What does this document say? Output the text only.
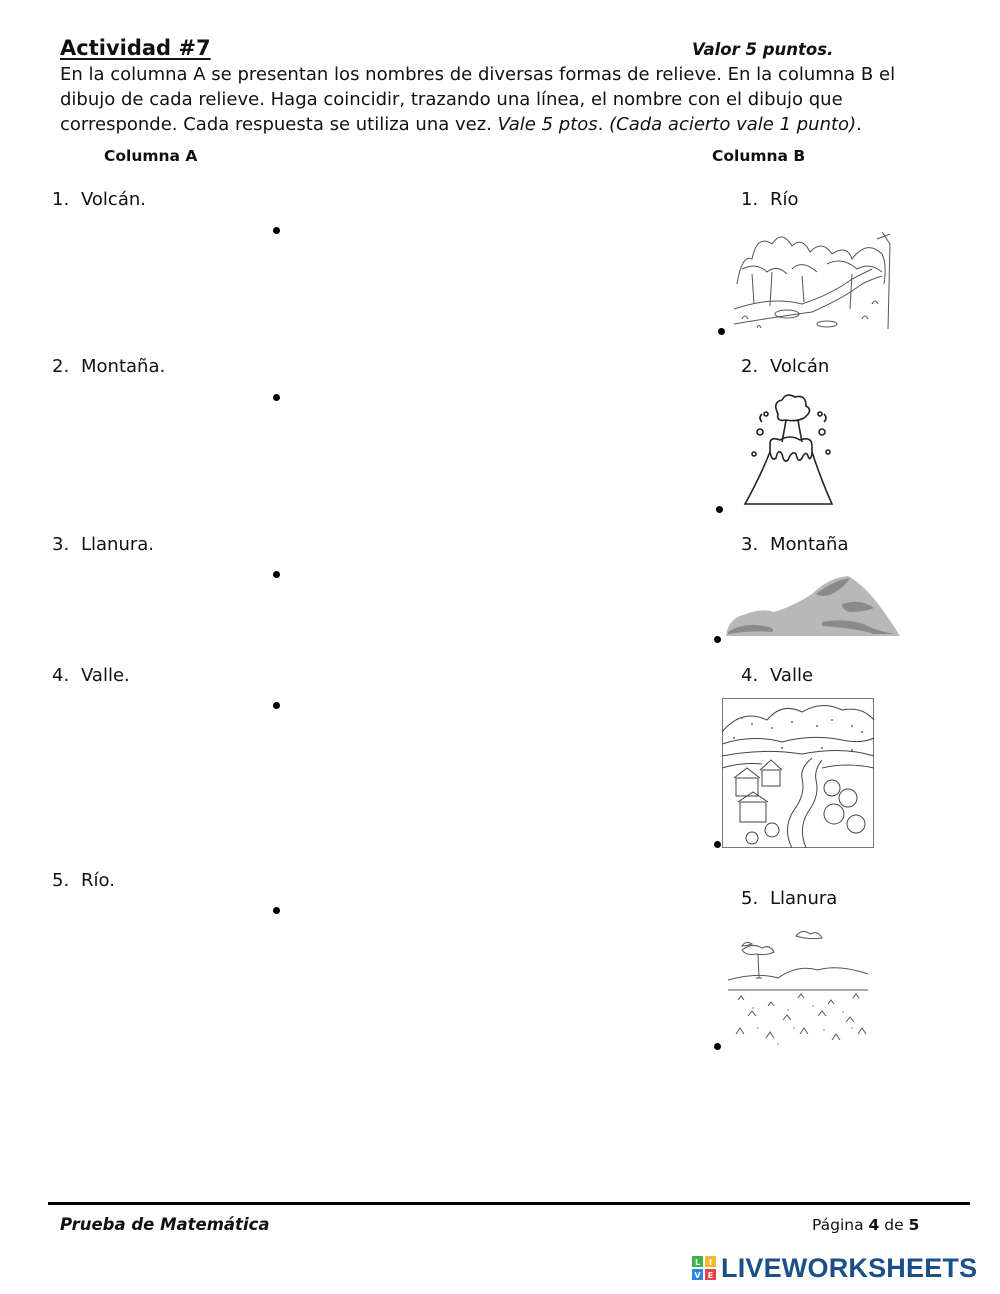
Actividad #7	Valor 5 puntos.
En la columna A se presentan los nombres de diversas formas de relieve. En la columna B el
dibujo de cada relieve. Haga coincidir, trazando una línea, el nombre con el dibujo que
corresponde. Cada respuesta se utiliza una vez. Vale 5 ptos. (Cada acierto vale 1 punto).
Columna A	Columna B
1. Volcán.
2. Montaña.
3. Llanura.
4. Valle.
5. Río.
1. Río
2. Volcán
3. Montaña
4. Valle
5. Llanura
Prueba de Matemática	Página 4 de 5
L I
V E LIVEWORKSHEETS
